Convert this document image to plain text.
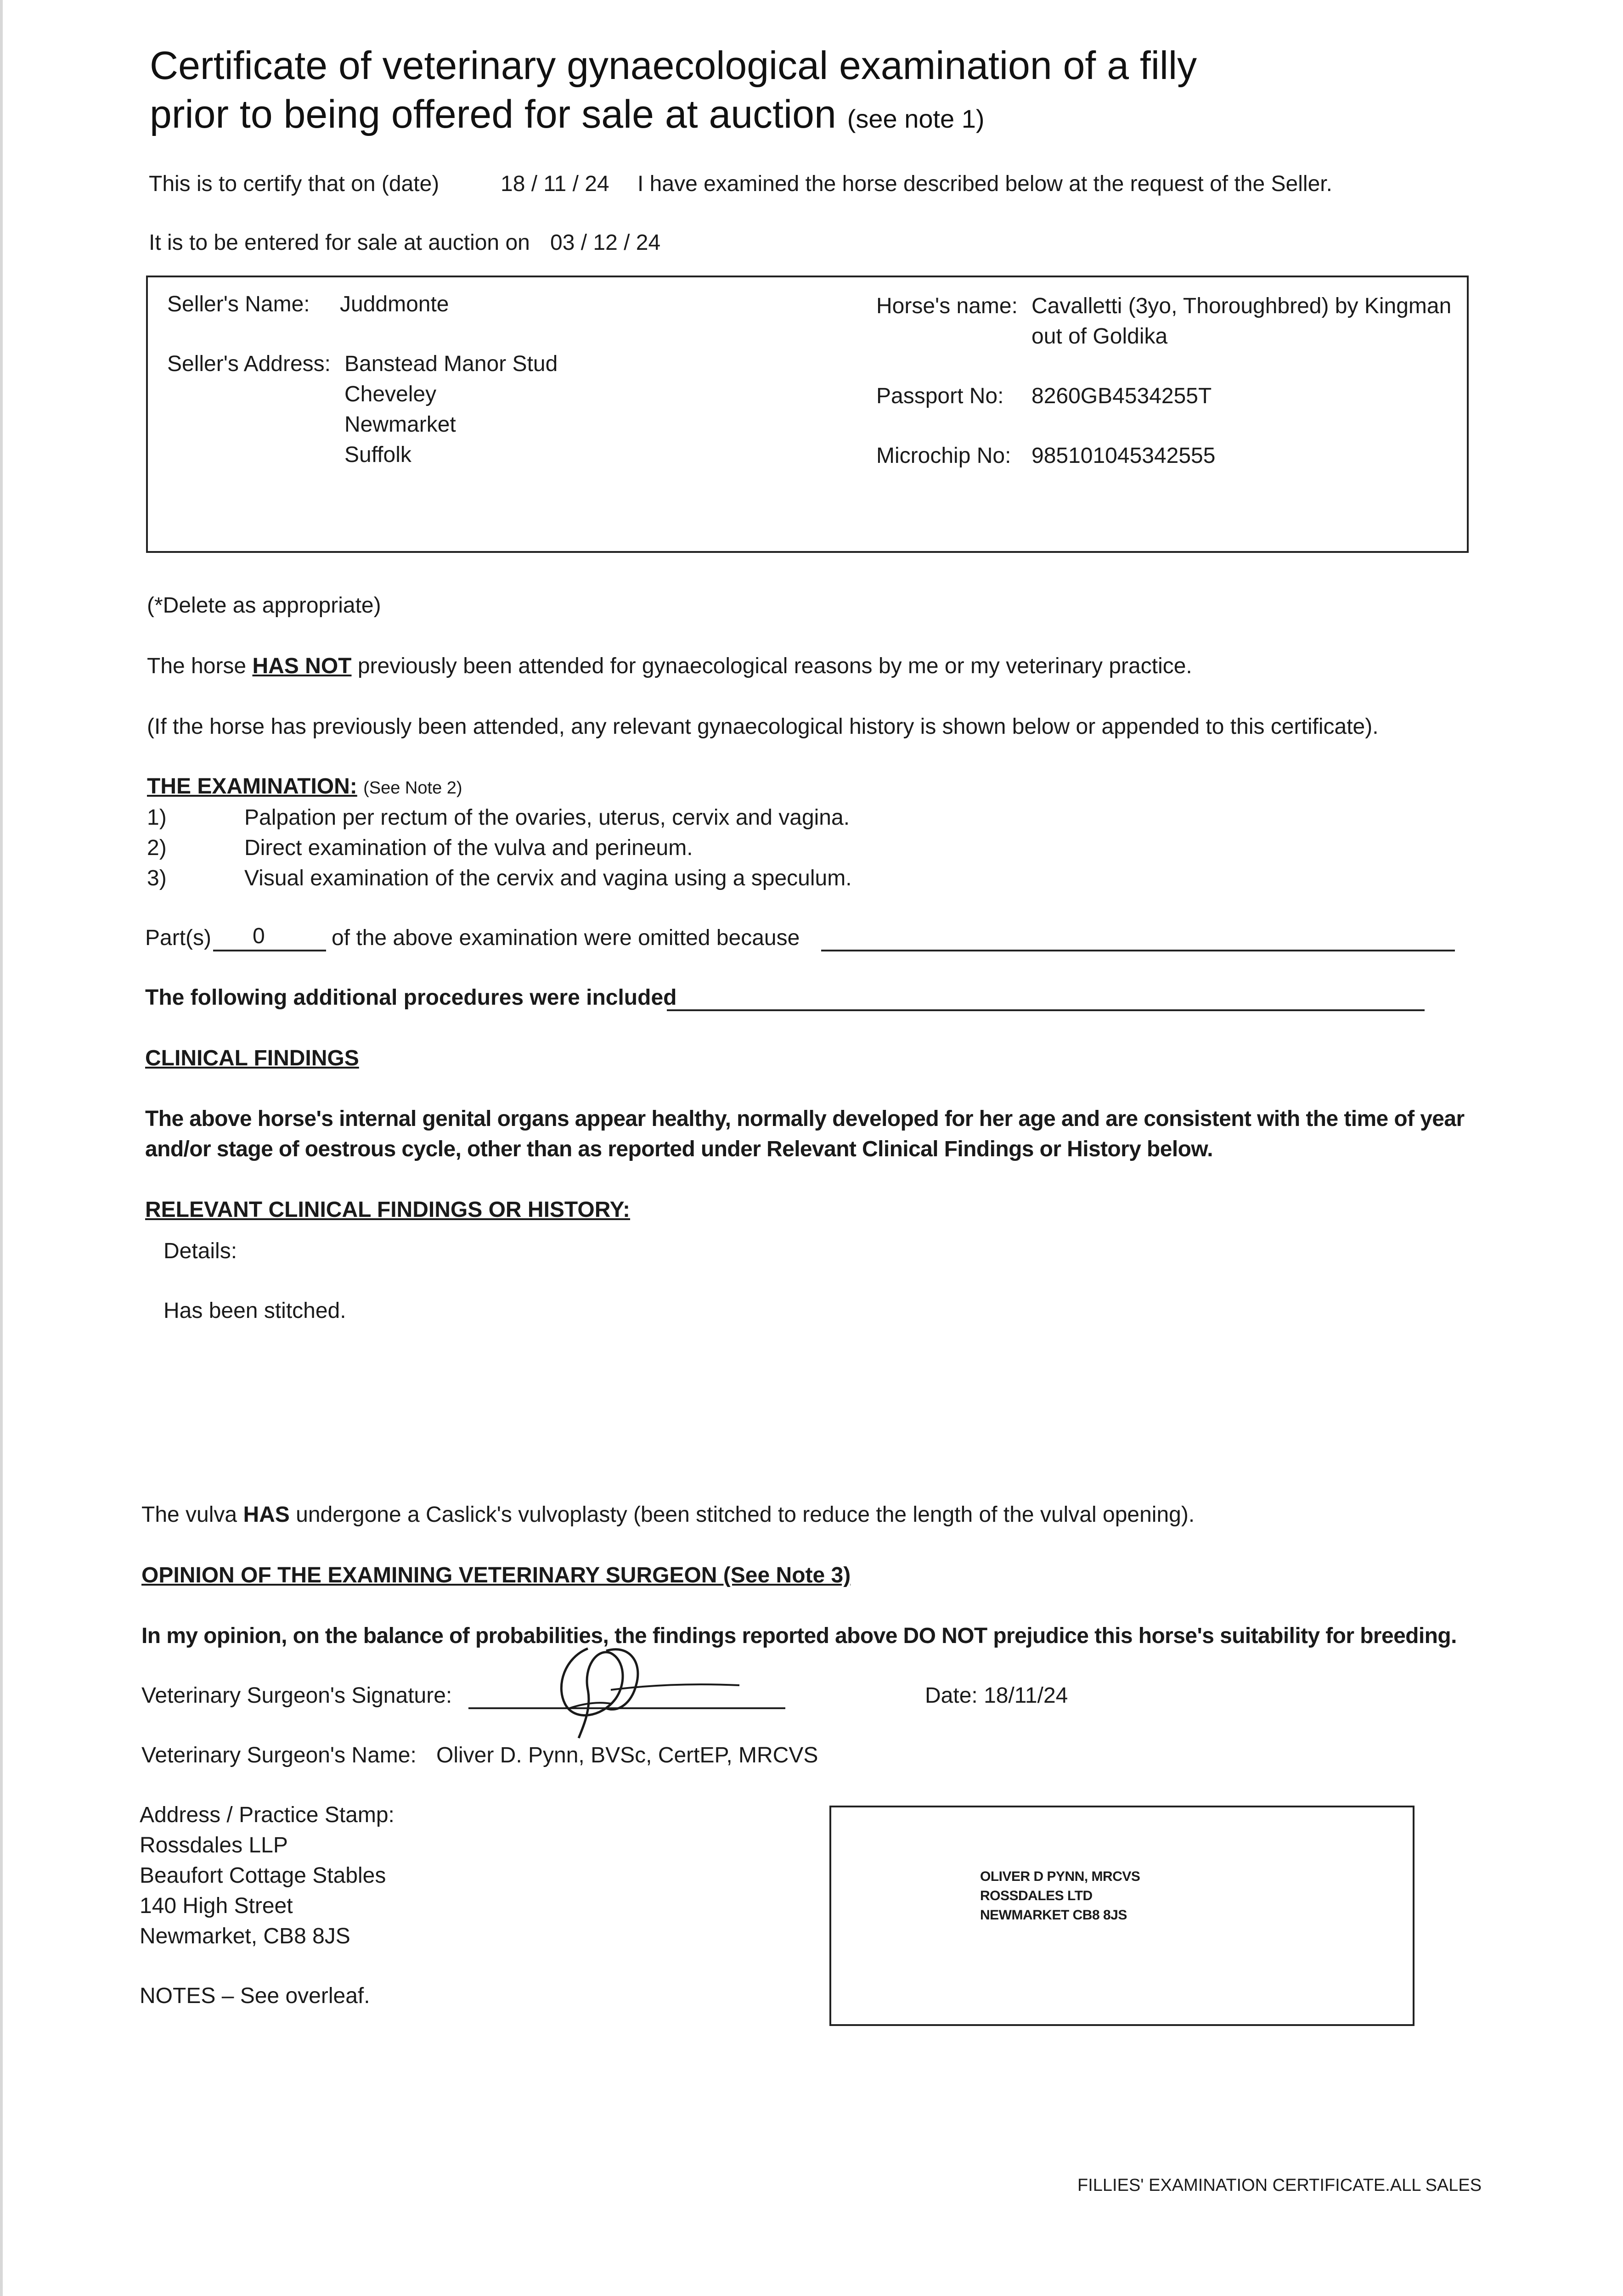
Certificate of veterinary gynaecological examination of a filly
prior to being offered for sale at auction (see note 1)
This is to certify that on (date)	18 / 11 / 24 I have examined the horse described below at the request of the Seller.
It is to be entered for sale at auction on 03 / 12 / 24
Seller's Name: Juddmonte
Seller's Address: Banstead Manor Stud
Cheveley
Newmarket
Suffolk
Horse's name: Cavalletti (3yo, Thoroughbred) by Kingman
out of Goldika
Passport No: 8260GB4534255T
Microchip No: 985101045342555
(*Delete as appropriate)
The horse HAS NOT previously been attended for gynaecological reasons by me or my veterinary practice.
(If the horse has previously been attended, any relevant gynaecological history is shown below or appended to this certificate).
THE EXAMINATION: (See Note 2)
1)	Palpation per rectum of the ovaries, uterus, cervix and vagina.
2)	Direct examination of the vulva and perineum.
3)	Visual examination of the cervix and vagina using a speculum.
Part(s) 0	of the above examination were omitted because
The following additional procedures were included
CLINICAL FINDINGS
The above horse's internal genital organs appear healthy, normally developed for her age and are consistent with the time of year
and/or stage of oestrous cycle, other than as reported under Relevant Clinical Findings or History below.
RELEVANT CLINICAL FINDINGS OR HISTORY:
Details:
Has been stitched.
The vulva HAS undergone a Caslick's vulvoplasty (been stitched to reduce the length of the vulval opening).
OPINION OF THE EXAMINING VETERINARY SURGEON (See Note 3)
In my opinion, on the balance of probabilities, the findings reported above DO NOT prejudice this horse's suitability for breeding.
Veterinary Surgeon's Signature:	Date: 18/11/24
Veterinary Surgeon's Name: Oliver D. Pynn, BVSc, CertEP, MRCVS
Address / Practice Stamp:
Rossdales LLP
Beaufort Cottage Stables
140 High Street
Newmarket, CB8 8JS
OLIVER D PYNN, MRCVS
ROSSDALES LTD
NEWMARKET CB8 8JS
NOTES – See overleaf.
FILLIES' EXAMINATION CERTIFICATE.ALL SALES
